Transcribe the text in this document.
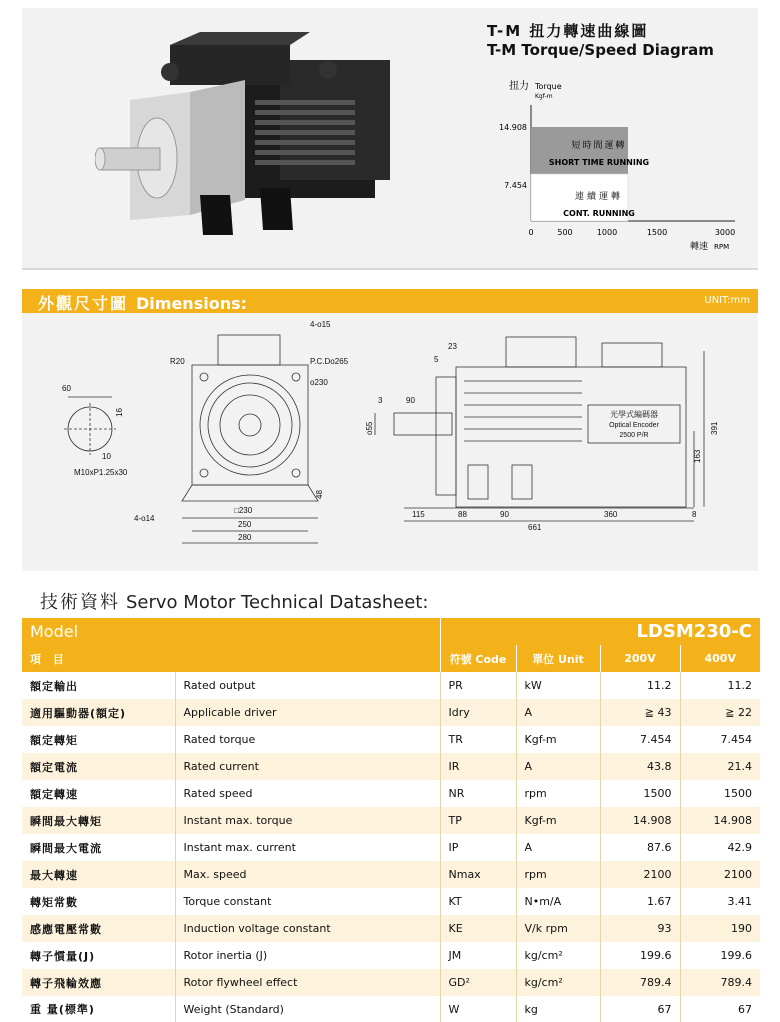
T-M 扭力轉速曲線圖
T-M Torque/Speed Diagram
扭力 Torque
Kgf-m
14.908
7.454
短時間運轉
SHORT TIME RUNNING
連續運轉
CONT. RUNNING
0	500	1000	1500	3000
轉速 RPM
外觀尺寸圖 Dimensions:	UNIT:mm
60
16
10
M10xP1.25x30
R20
4-ο15
P.C.Dο265
ο230
4-ο14
□230
250
280
48
23
5
3	90
ο55
光學式編碼器
Optical Encoder
2500 P/R
115	88	90	360	8
661
391
163
技術資料 Servo Motor Technical Datasheet:
Model		LDSM230-C			
項 目		符號 Code	單位 Unit	200V	400V
額定輸出	Rated output	PR	kW	11.2	11.2
適用驅動器(額定)	Applicable driver	Idry	A	≧ 43	≧ 22
額定轉矩	Rated torque	TR	Kgf-m	7.454	7.454
額定電流	Rated current	IR	A	43.8	21.4
額定轉速	Rated speed	NR	rpm	1500	1500
瞬間最大轉矩	Instant max. torque	TP	Kgf-m	14.908	14.908
瞬間最大電流	Instant max. current	IP	A	87.6	42.9
最大轉速	Max. speed	Nmax	rpm	2100	2100
轉矩常數	Torque constant	KT	N•m/A	1.67	3.41
感應電壓常數	Induction voltage constant	KE	V/k rpm	93	190
轉子慣量(J)	Rotor inertia (J)	JM	kg/cm²	199.6	199.6
轉子飛輪效應	Rotor flywheel effect	GD²	kg/cm²	789.4	789.4
重 量(標準)	Weight (Standard)	W	kg	67	67
